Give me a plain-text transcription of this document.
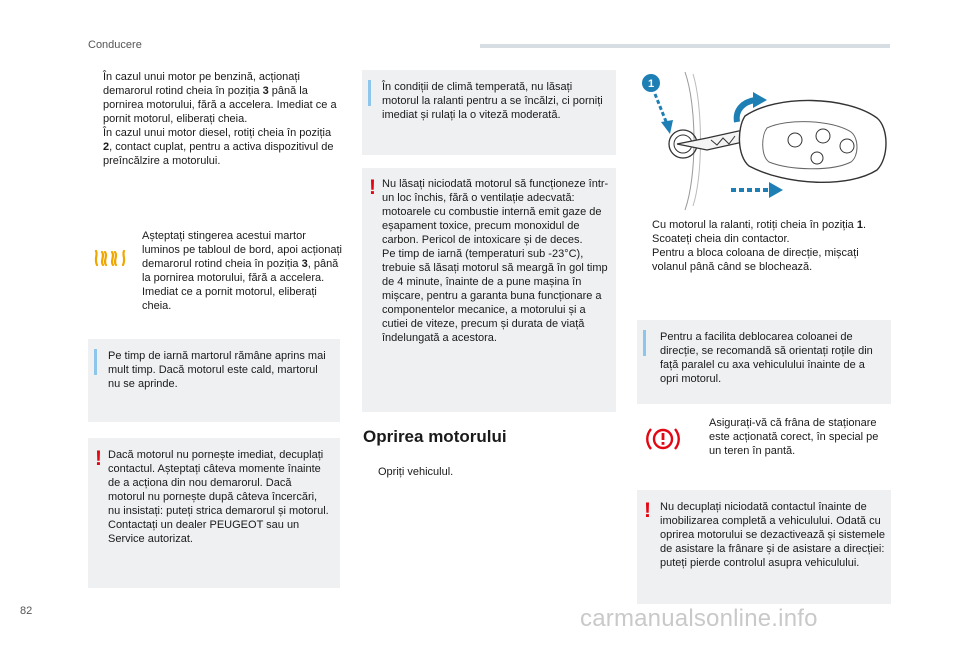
Conducere
În cazul unui motor pe benzină, acționați demarorul rotind cheia în poziția 3 până la pornirea motorului, fără a accelera. Imediat ce a pornit motorul, eliberați cheia.
În cazul unui motor diesel, rotiți cheia în poziția 2, contact cuplat, pentru a activa dispozitivul de preîncălzire a motorului.
Așteptați stingerea acestui martor luminos pe tabloul de bord, apoi acționați demarorul rotind cheia în poziția 3, până la pornirea motorului, fără a accelera. Imediat ce a pornit motorul, eliberați cheia.
Pe timp de iarnă martorul rămâne aprins mai mult timp. Dacă motorul este cald, martorul nu se aprinde.
! Dacă motorul nu pornește imediat, decuplați contactul. Așteptați câteva momente înainte de a acționa din nou demarorul. Dacă motorul nu pornește după câteva încercări, nu insistați: puteți strica demarorul și motorul. Contactați un dealer PEUGEOT sau un Service autorizat.
În condiții de climă temperată, nu lăsați motorul la ralanti pentru a se încălzi, ci porniți imediat și rulați la o viteză moderată.
! Nu lăsați niciodată motorul să funcționeze într-un loc închis, fără o ventilație adecvată: motoarele cu combustie internă emit gaze de eșapament toxice, precum monoxidul de carbon. Pericol de intoxicare și de deces.
Pe timp de iarnă (temperaturi sub -23°C), trebuie să lăsați motorul să meargă în gol timp de 4 minute, înainte de a pune mașina în mișcare, pentru a garanta buna funcționare a componentelor mecanice, a motorului și a cutiei de viteze, precum și durata de viață îndelungată a acestora.
Oprirea motorului
Opriți vehiculul.
1
Cu motorul la ralanti, rotiți cheia în poziția 1.
Scoateți cheia din contactor.
Pentru a bloca coloana de direcție, mișcați volanul până când se blochează.
Pentru a facilita deblocarea coloanei de direcție, se recomandă să orientați roțile din față paralel cu axa vehiculului înainte de a opri motorul.
Asigurați-vă că frâna de staționare este acționată corect, în special pe un teren în pantă.
! Nu decuplați niciodată contactul înainte de imobilizarea completă a vehiculului. Odată cu oprirea motorului se dezactivează și sistemele de asistare la frânare și de asistare a direcției: puteți pierde controlul asupra vehiculului.
82	carmanualsonline.info
